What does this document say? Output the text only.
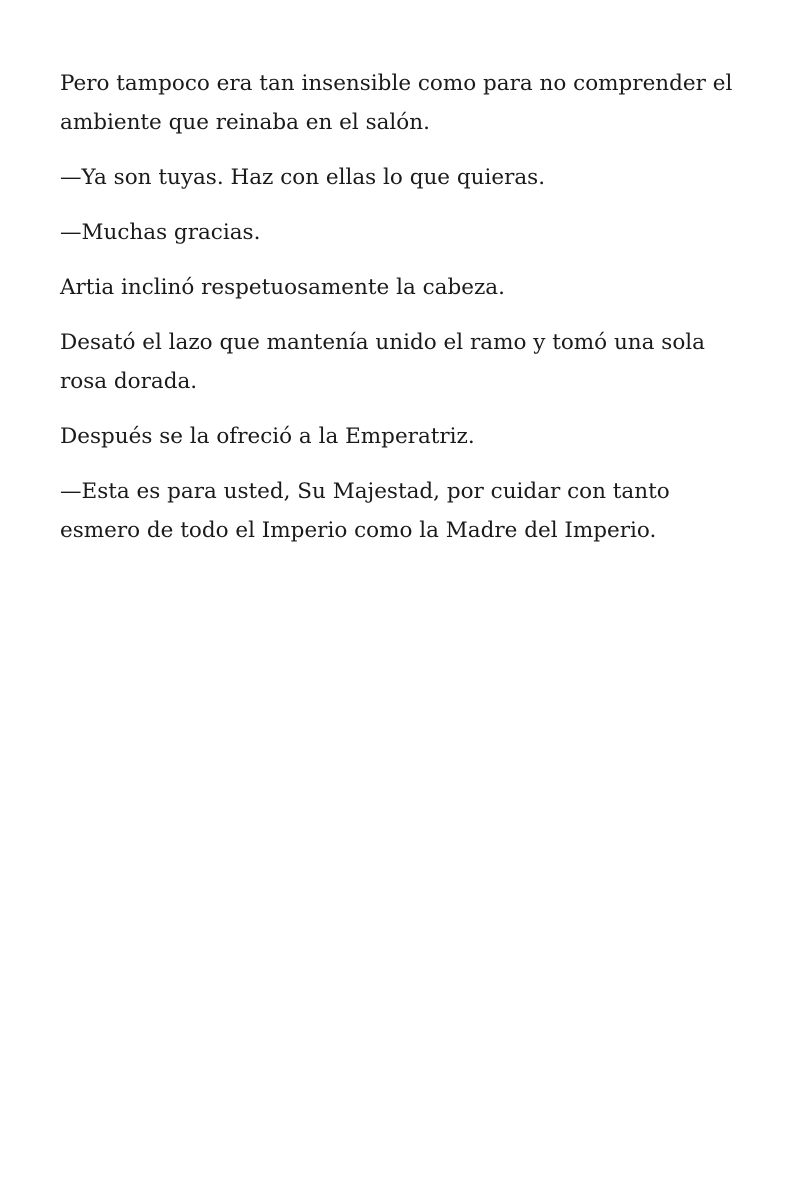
Pero tampoco era tan insensible como para no comprender el ambiente que reinaba en el salón.

—Ya son tuyas. Haz con ellas lo que quieras.

—Muchas gracias.

Artia inclinó respetuosamente la cabeza.

Desató el lazo que mantenía unido el ramo y tomó una sola rosa dorada.

Después se la ofreció a la Emperatriz.

—Esta es para usted, Su Majestad, por cuidar con tanto esmero de todo el Imperio como la Madre del Imperio.
